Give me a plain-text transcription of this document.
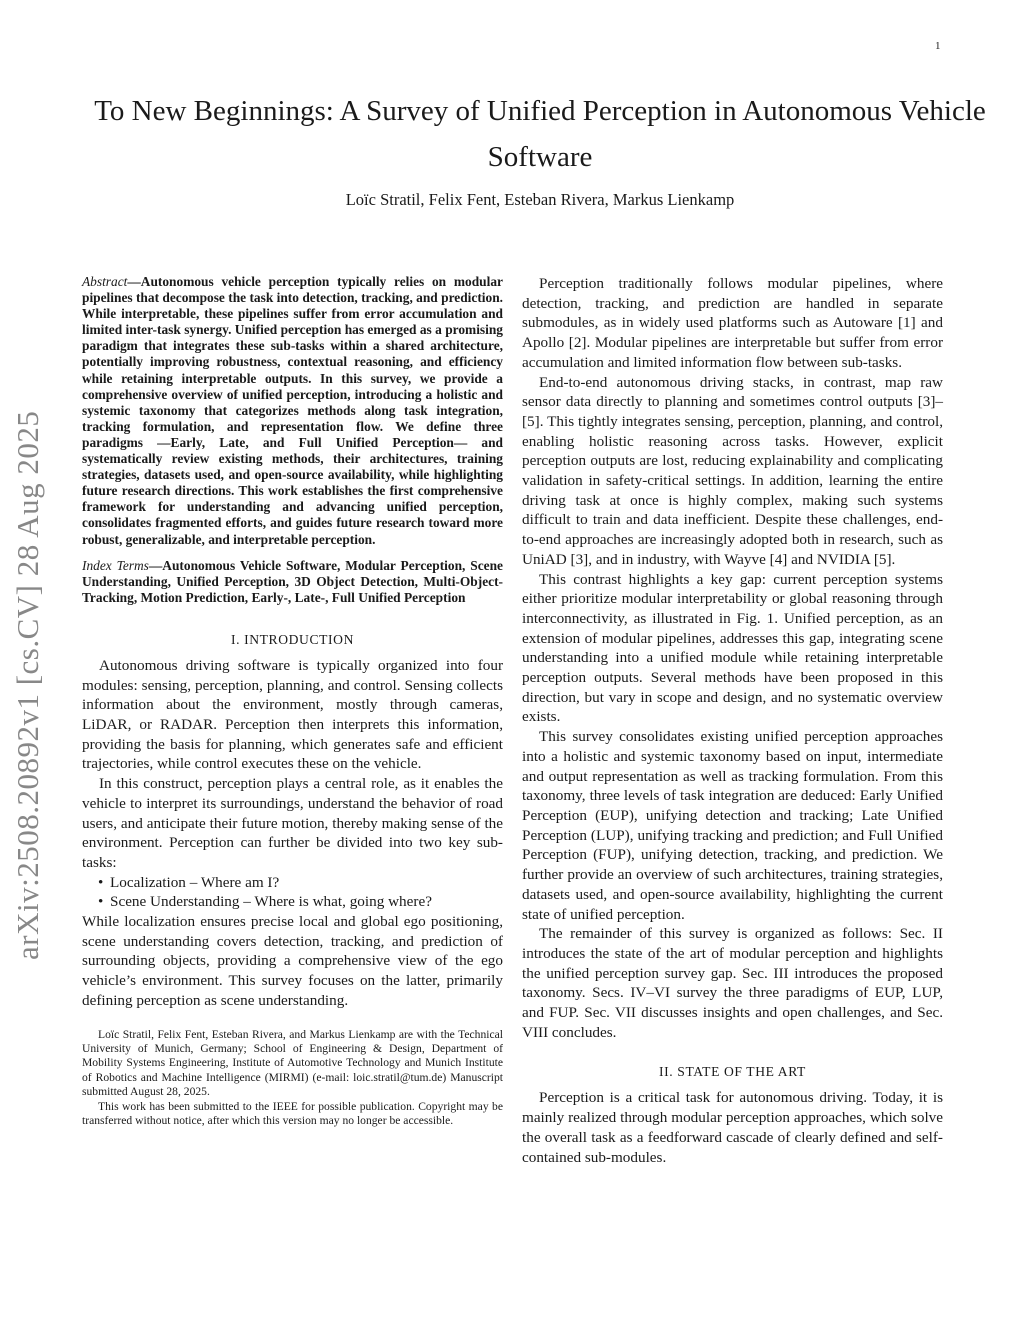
1
arXiv:2508.20892v1 [cs.CV] 28 Aug 2025
To New Beginnings: A Survey of Unified Perception in Autonomous Vehicle Software
Loïc Stratil, Felix Fent, Esteban Rivera, Markus Lienkamp

Abstract—Autonomous vehicle perception typically relies on modular pipelines that decompose the task into detection, tracking, and prediction. While interpretable, these pipelines suffer from error accumulation and limited inter-task synergy. Unified perception has emerged as a promising paradigm that integrates these sub-tasks within a shared architecture, potentially improving robustness, contextual reasoning, and efficiency while retaining interpretable outputs. In this survey, we provide a comprehensive overview of unified perception, introducing a holistic and systemic taxonomy that categorizes methods along task integration, tracking formulation, and representation flow. We define three paradigms —Early, Late, and Full Unified Perception— and systematically review existing methods, their architectures, training strategies, datasets used, and open-source availability, while highlighting future research directions. This work establishes the first comprehensive framework for understanding and advancing unified perception, consolidates fragmented efforts, and guides future research toward more robust, generalizable, and interpretable perception.

Index Terms—Autonomous Vehicle Software, Modular Perception, Scene Understanding, Unified Perception, 3D Object Detection, Multi-Object-Tracking, Motion Prediction, Early-, Late-, Full Unified Perception

I. INTRODUCTION

Autonomous driving software is typically organized into four modules: sensing, perception, planning, and control. Sensing collects information about the environment, mostly through cameras, LiDAR, or RADAR. Perception then interprets this information, providing the basis for planning, which generates safe and efficient trajectories, while control executes these on the vehicle.

In this construct, perception plays a central role, as it enables the vehicle to interpret its surroundings, understand the behavior of road users, and anticipate their future motion, thereby making sense of the environment. Perception can further be divided into two key sub-tasks:

• Localization – Where am I?
• Scene Understanding – Where is what, going where?

While localization ensures precise local and global ego positioning, scene understanding covers detection, tracking, and prediction of surrounding objects, providing a comprehensive view of the ego vehicle’s environment. This survey focuses on the latter, primarily defining perception as scene understanding.

Loïc Stratil, Felix Fent, Esteban Rivera, and Markus Lienkamp are with the Technical University of Munich, Germany; School of Engineering & Design, Department of Mobility Systems Engineering, Institute of Automotive Technology and Munich Institute of Robotics and Machine Intelligence (MIRMI) (e-mail: loic.stratil@tum.de) Manuscript submitted August 28, 2025.

This work has been submitted to the IEEE for possible publication. Copyright may be transferred without notice, after which this version may no longer be accessible.

Perception traditionally follows modular pipelines, where detection, tracking, and prediction are handled in separate submodules, as in widely used platforms such as Autoware [1] and Apollo [2]. Modular pipelines are interpretable but suffer from error accumulation and limited information flow between sub-tasks.

End-to-end autonomous driving stacks, in contrast, map raw sensor data directly to planning and sometimes control outputs [3]–[5]. This tightly integrates sensing, perception, planning, and control, enabling holistic reasoning across tasks. However, explicit perception outputs are lost, reducing explainability and complicating validation in safety-critical settings. In addition, learning the entire driving task at once is highly complex, making such systems difficult to train and data inefficient. Despite these challenges, end-to-end approaches are increasingly adopted both in research, such as UniAD [3], and in industry, with Wayve [4] and NVIDIA [5].

This contrast highlights a key gap: current perception systems either prioritize modular interpretability or global reasoning through interconnectivity, as illustrated in Fig. 1. Unified perception, as an extension of modular pipelines, addresses this gap, integrating scene understanding into a unified module while retaining interpretable perception outputs. Several methods have been proposed in this direction, but vary in scope and design, and no systematic overview exists.

This survey consolidates existing unified perception approaches into a holistic and systemic taxonomy based on input, intermediate and output representation as well as tracking formulation. From this taxonomy, three levels of task integration are deduced: Early Unified Perception (EUP), unifying detection and tracking; Late Unified Perception (LUP), unifying tracking and prediction; and Full Unified Perception (FUP), unifying detection, tracking, and prediction. We further provide an overview of such architectures, training strategies, datasets used, and open-source availability, highlighting the current state of unified perception.

The remainder of this survey is organized as follows: Sec. II introduces the state of the art of modular perception and highlights the unified perception survey gap. Sec. III introduces the proposed taxonomy. Secs. IV–VI survey the three paradigms of EUP, LUP, and FUP. Sec. VII discusses insights and open challenges, and Sec. VIII concludes.

II. STATE OF THE ART

Perception is a critical task for autonomous driving. Today, it is mainly realized through modular perception approaches, which solve the overall task as a feedforward cascade of clearly defined and self-contained sub-modules.
